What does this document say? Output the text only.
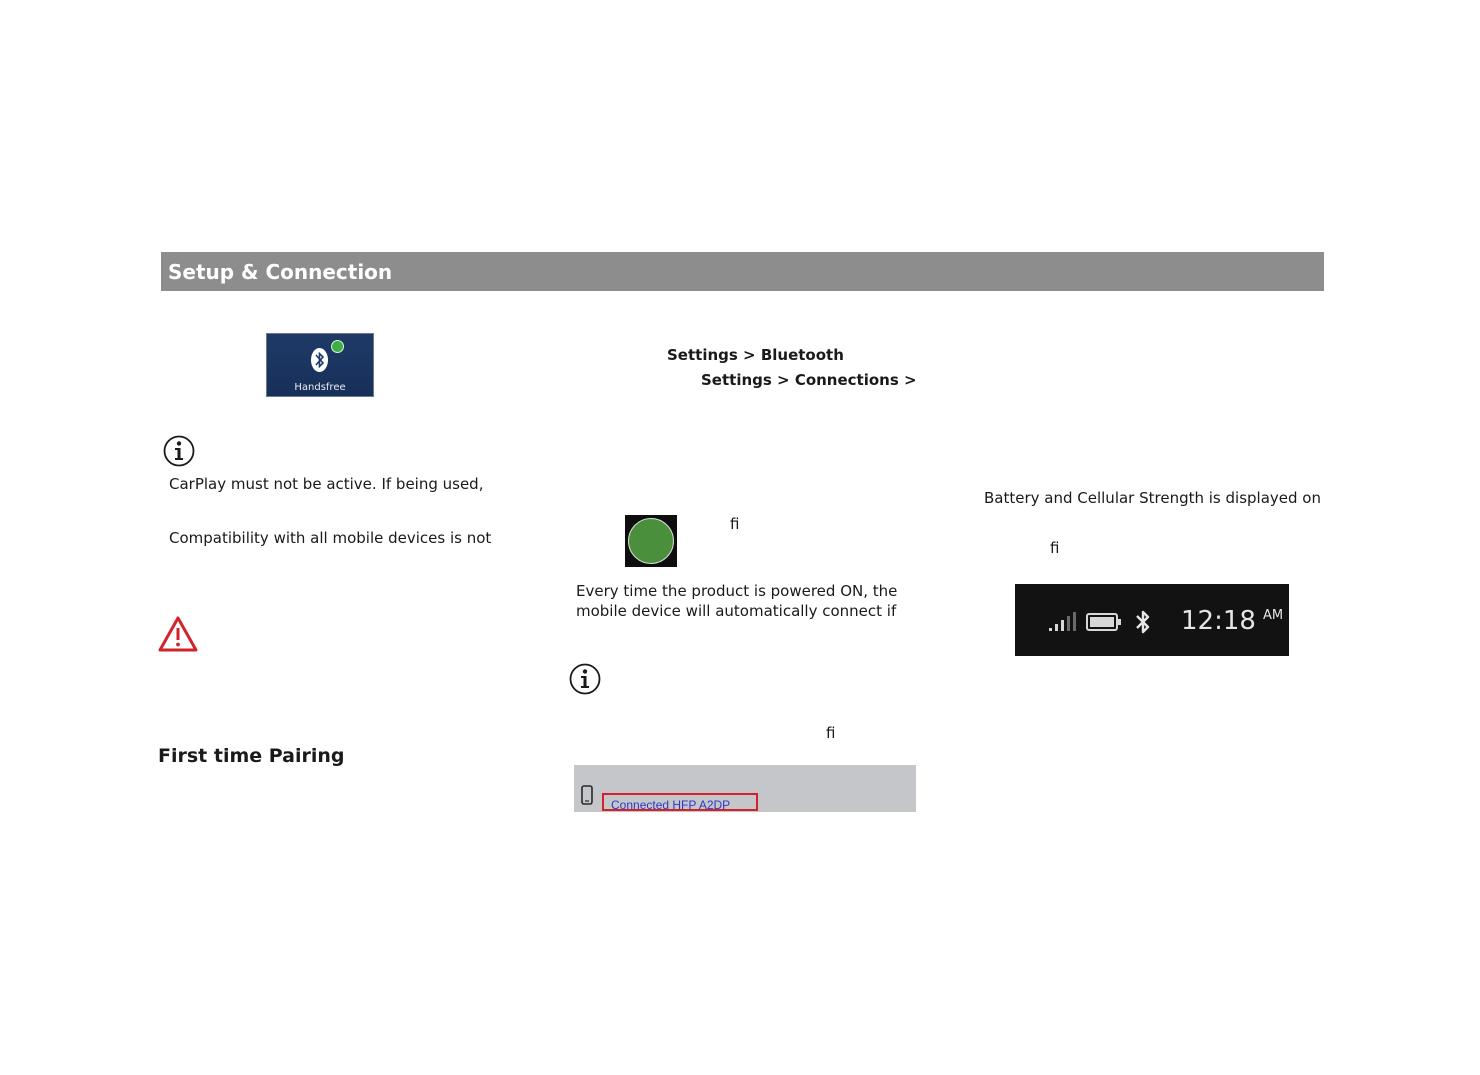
Setup & Connection
Handsfree
CarPlay must not be active. If being used,
Compatibility with all mobile devices is not
First time Pairing
Settings > Bluetooth
Settings > Connections >
ﬁ
Every time the product is powered ON, the
mobile device will automatically connect if
ﬁ
Connected HFP A2DP
Battery and Cellular Strength is displayed on
ﬁ
12:18 AM
